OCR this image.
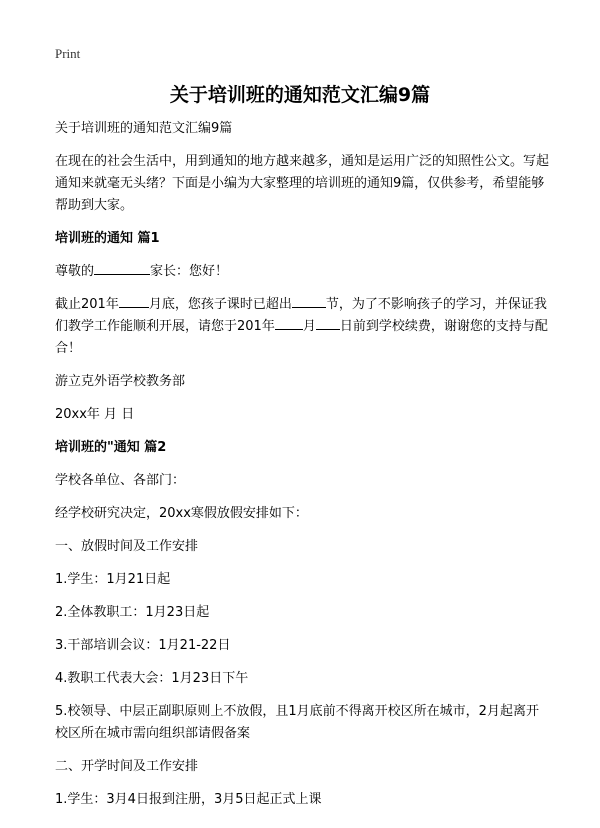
Print
关于培训班的通知范文汇编9篇

关于培训班的通知范文汇编9篇

在现在的社会生活中，用到通知的地方越来越多，通知是运用广泛的知照性公文。写起通知来就毫无头绪？下面是小编为大家整理的培训班的通知9篇，仅供参考，希望能够帮助到大家。

培训班的通知 篇1

尊敬的	家长：您好！

截止201年 月底，您孩子课时已超出	节，为了不影响孩子的学习，并保证我们教学工作能顺利开展，请您于201年 月 日前到学校续费，谢谢您的支持与配合！

游立克外语学校教务部

20xx年 月 日

培训班的"通知 篇2

学校各单位、各部门：

经学校研究决定，20xx寒假放假安排如下：

一、放假时间及工作安排

1.学生：1月21日起

2.全体教职工：1月23日起

3.干部培训会议：1月21-22日

4.教职工代表大会：1月23日下午

5.校领导、中层正副职原则上不放假，且1月底前不得离开校区所在城市，2月起离开校区所在城市需向组织部请假备案

二、开学时间及工作安排

1.学生：3月4日报到注册，3月5日起正式上课
